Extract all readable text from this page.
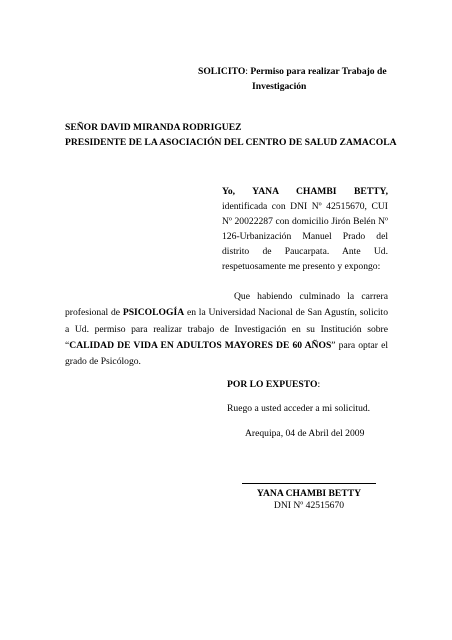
SOLICITO: Permiso para realizar Trabajo de
Investigación
SEÑOR DAVID MIRANDA RODRIGUEZ
PRESIDENTE DE LA ASOCIACIÓN DEL CENTRO DE SALUD ZAMACOLA
Yo, YANA CHAMBI BETTY, identificada con DNI Nº 42515670, CUI Nº 20022287 con domicilio Jirón Belén Nº 126-Urbanización Manuel Prado del distrito de Paucarpata. Ante Ud. respetuosamente me presento y expongo:
Que habiendo culminado la carrera profesional de PSICOLOGÍA en la Universidad Nacional de San Agustín, solicito a Ud. permiso para realizar trabajo de Investigación en su Institución sobre “CALIDAD DE VIDA EN ADULTOS MAYORES DE 60 AÑOS” para optar el grado de Psicólogo.
POR LO EXPUESTO:
Ruego a usted acceder a mi solicitud.
Arequipa, 04 de Abril del 2009
YANA CHAMBI BETTY
DNI Nº 42515670
